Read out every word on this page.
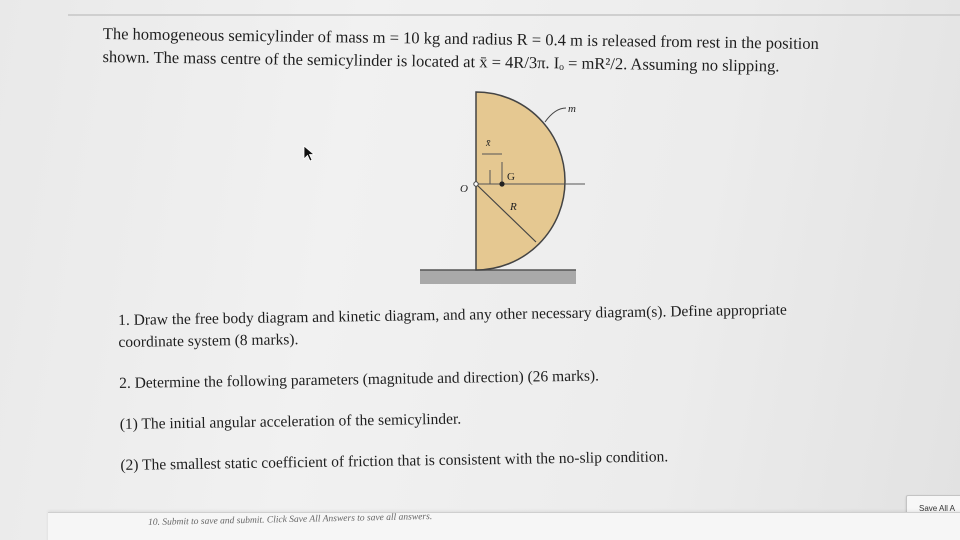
The homogeneous semicylinder of mass m = 10 kg and radius R = 0.4 m is released from rest in the position

shown. The mass centre of the semicylinder is located at x̄ = 4R/3π. Iₒ = mR²/2. Assuming no slipping.

m
x̄
G
O
R
1. Draw the free body diagram and kinetic diagram, and any other necessary diagram(s). Define appropriate
coordinate system (8 marks).
2. Determine the following parameters (magnitude and direction) (26 marks).
(1) The initial angular acceleration of the semicylinder.
(2) The smallest static coefficient of friction that is consistent with the no-slip condition.
Save All A
10. Submit to save and submit. Click Save All Answers to save all answers.
